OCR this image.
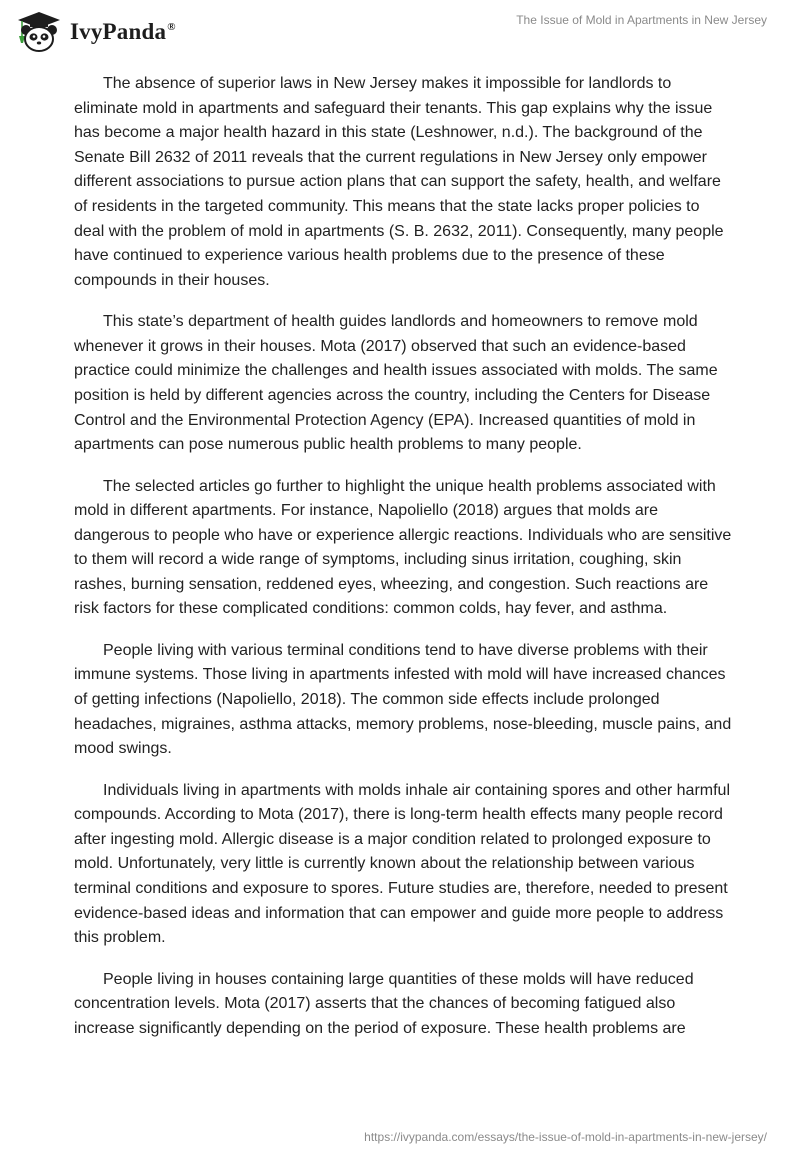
IvyPanda®
The Issue of Mold in Apartments in New Jersey

The absence of superior laws in New Jersey makes it impossible for landlords to eliminate mold in apartments and safeguard their tenants. This gap explains why the issue has become a major health hazard in this state (Leshnower, n.d.). The background of the Senate Bill 2632 of 2011 reveals that the current regulations in New Jersey only empower different associations to pursue action plans that can support the safety, health, and welfare of residents in the targeted community. This means that the state lacks proper policies to deal with the problem of mold in apartments (S. B. 2632, 2011). Consequently, many people have continued to experience various health problems due to the presence of these compounds in their houses.

This state’s department of health guides landlords and homeowners to remove mold whenever it grows in their houses. Mota (2017) observed that such an evidence-based practice could minimize the challenges and health issues associated with molds. The same position is held by different agencies across the country, including the Centers for Disease Control and the Environmental Protection Agency (EPA). Increased quantities of mold in apartments can pose numerous public health problems to many people.

The selected articles go further to highlight the unique health problems associated with mold in different apartments. For instance, Napoliello (2018) argues that molds are dangerous to people who have or experience allergic reactions. Individuals who are sensitive to them will record a wide range of symptoms, including sinus irritation, coughing, skin rashes, burning sensation, reddened eyes, wheezing, and congestion. Such reactions are risk factors for these complicated conditions: common colds, hay fever, and asthma.

People living with various terminal conditions tend to have diverse problems with their immune systems. Those living in apartments infested with mold will have increased chances of getting infections (Napoliello, 2018). The common side effects include prolonged headaches, migraines, asthma attacks, memory problems, nose-bleeding, muscle pains, and mood swings.

Individuals living in apartments with molds inhale air containing spores and other harmful compounds. According to Mota (2017), there is long-term health effects many people record after ingesting mold. Allergic disease is a major condition related to prolonged exposure to mold. Unfortunately, very little is currently known about the relationship between various terminal conditions and exposure to spores. Future studies are, therefore, needed to present evidence-based ideas and information that can empower and guide more people to address this problem.

People living in houses containing large quantities of these molds will have reduced concentration levels. Mota (2017) asserts that the chances of becoming fatigued also increase significantly depending on the period of exposure. These health problems are

https://ivypanda.com/essays/the-issue-of-mold-in-apartments-in-new-jersey/
